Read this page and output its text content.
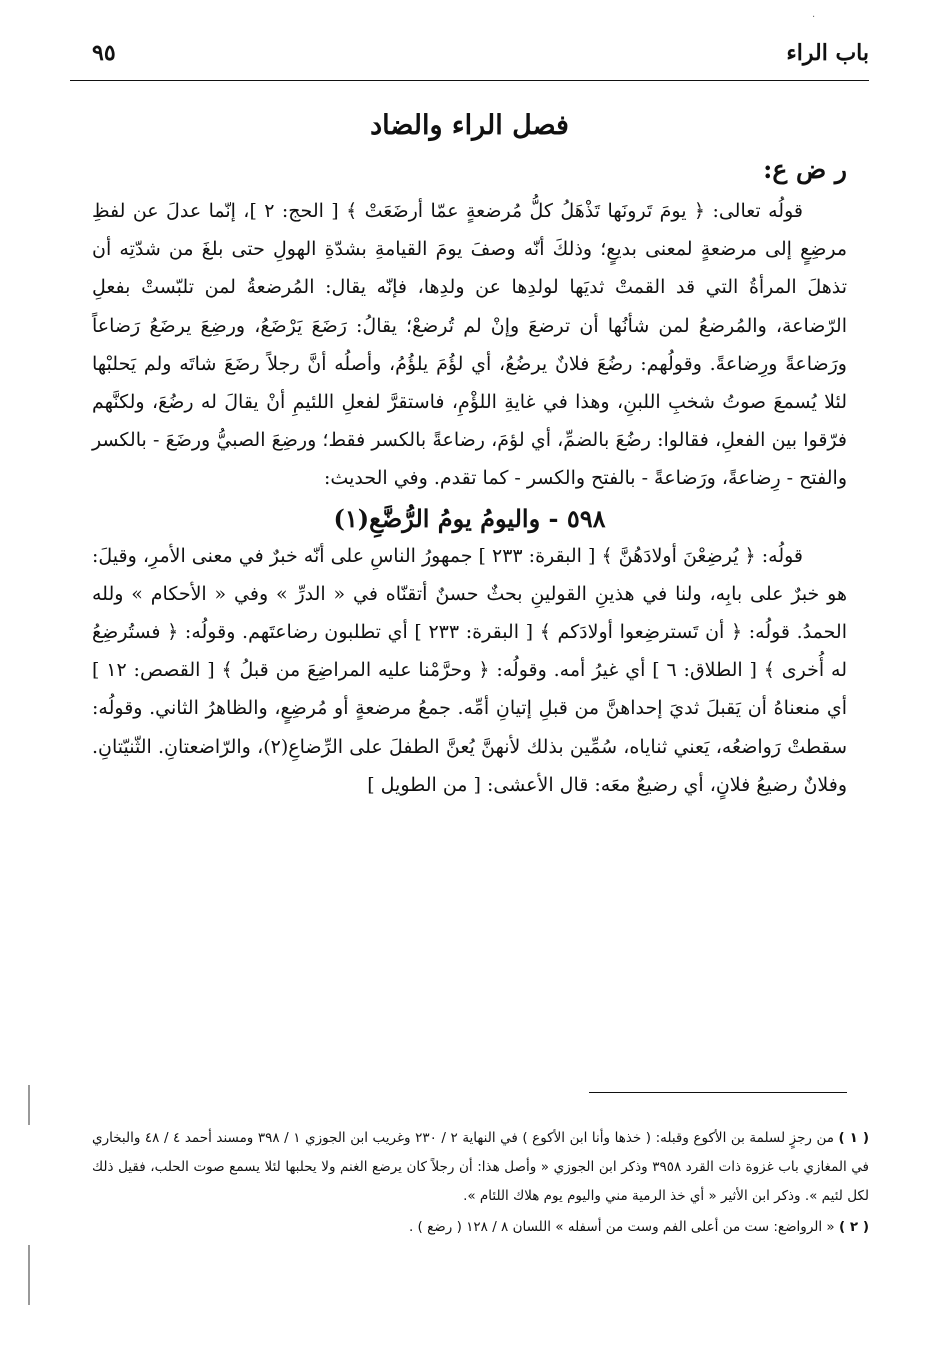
·
٩٥	باب الراء
فصل الراء والضاد
ر ض ع:

قولُه تعالى: ﴿ يومَ تَرونَها تَذْهَلُ كلُّ مُرضعةٍ عمّا أرضَعَتْ ﴾ [ الحج: ٢ ]، إنّما عدلَ عن لفظِ مرضِعٍ إلى مرضعةٍ لمعنى بديعٍ؛ وذلكَ أنّه وصفَ يومَ القيامةِ بشدّةِ الهولِ حتى بلغَ من شدّتِه أن تذهلَ المرأةُ التي قد القمتْ ثديَها لولدِها عن ولدِها، فإنّه يقال: المُرضعةُ لمن تلبّستْ بفعلِ الرّضاعة، والمُرضعُ لمن شأنُها أن ترضعَ وإنْ لم تُرضعْ؛ يقالُ: رَضَعَ يَرْضَعُ، ورضِعَ يرضَعُ رَضاعاً ورَضاعةً ورِضاعةً. وقولُهم: رضُعَ فلانٌ يرضُعُ، أي لؤُمَ يلؤُمُ، وأصلُه أنَّ رجلاً رضَعَ شاتَه ولم يَحلبْها لئلا يُسمعَ صوتُ شخبِ اللبنِ، وهذا في غايةِ اللؤْمِ، فاستقرَّ لفعلِ اللئيمِ أنْ يقالَ له رضُعَ، ولكنَّهم فرّقوا بين الفعلِ، فقالوا: رضُعَ بالضمِّ، أي لؤمَ، رضاعةً بالكسر فقط؛ ورضِعَ الصبيُّ ورضَعَ - بالكسر والفتح - رِضاعةً، ورَضاعةً - بالفتح والكسر - كما تقدم. وفي الحديث:

٥٩٨ - واليومُ يومُ الرُّضَّعِ(١)

قولُه: ﴿ يُرضِعْنَ أولادَهُنَّ ﴾ [ البقرة: ٢٣٣ ] جمهورُ الناسِ على أنّه خبرٌ في معنى الأمرِ، وقيلَ: هو خبرٌ على بابِه، ولنا في هذينِ القولينِ بحثٌ حسنٌ أتقنّاه في « الدرِّ » وفي « الأحكام » ولله الحمدُ. قولُه: ﴿ أن تَسترضِعوا أولادَكم ﴾ [ البقرة: ٢٣٣ ] أي تطلبون رضاعتَهم. وقولُه: ﴿ فستُرضِعُ له أُخرى ﴾ [ الطلاق: ٦ ] أي غيرُ أمه. وقولُه: ﴿ وحرَّمْنا عليه المراضِعَ من قبلُ ﴾ [ القصص: ١٢ ] أي منعناهُ أن يَقبلَ ثديَ إحداهنَّ من قبلِ إتيانِ أمِّه. جمعُ مرضعةٍ أو مُرضِعٍ، والظاهرُ الثاني. وقولُه: سقطتْ رَواضعُه، يَعني ثناياه، سُمِّين بذلك لأنهنَّ يُعنَّ الطفلَ على الرِّضاعِ(٢)، والرّاضعتانِ. الثّنيّتانِ. وفلانٌ رضيعُ فلانٍ، أي رضيعٌ معَه: قال الأعشى: [ من الطويل ]

( ١ ) من رجزٍ لسلمة بن الأكوع وقبله: ( خذها وأنا ابن الأكوع ) في النهاية ٢ / ٢٣٠ وغريب ابن الجوزي ١ / ٣٩٨ ومسند أحمد ٤ / ٤٨ والبخاري في المغازي باب غزوة ذات القرد ٣٩٥٨ وذكر ابن الجوزي « وأصل هذا: أن رجلاً كان يرضع الغنم ولا يحلبها لئلا يسمع صوت الحلب، فقيل ذلك لكل لئيم ». وذكر ابن الأثير « أي خذ الرمية مني واليوم يوم هلاك اللئام ».

( ٢ ) « الرواضع: ست من أعلى الفم وست من أسفله » اللسان ٨ / ١٢٨ ( رضع ) .
